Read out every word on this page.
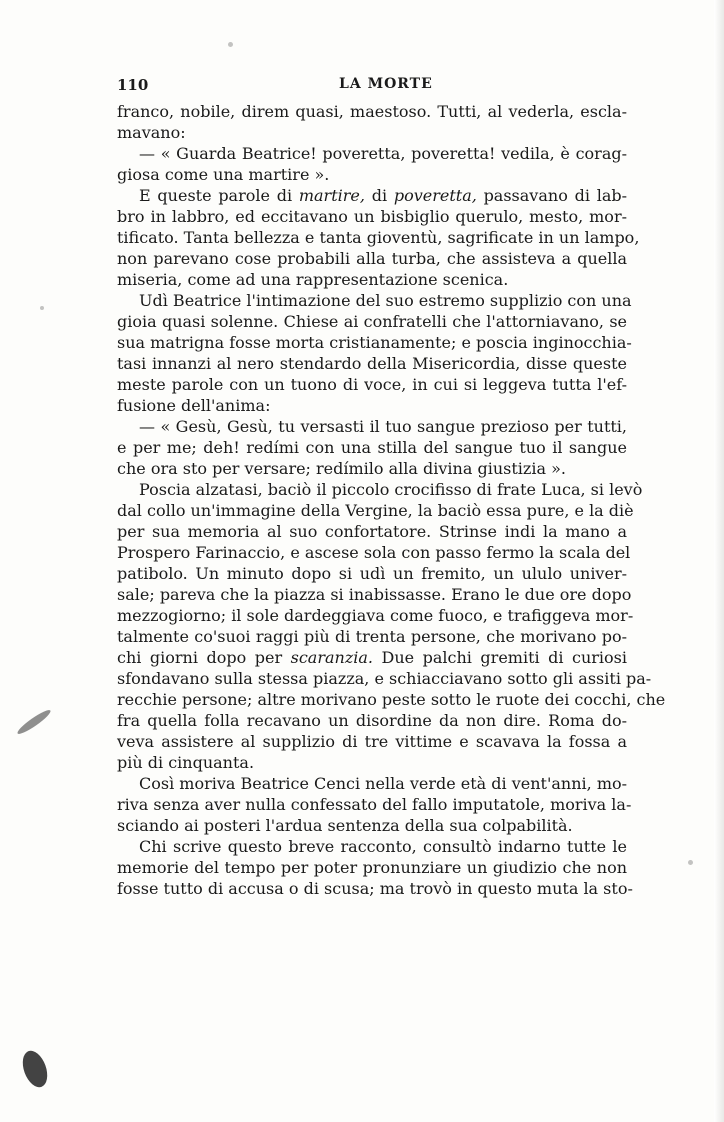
110	LA MORTE
franco, nobile, direm quasi, maestoso. Tutti, al vederla, escla-
mavano:
— « Guarda Beatrice! poveretta, poveretta! vedila, è corag-
giosa come una martire ».
E queste parole di martire, di poveretta, passavano di lab-
bro in labbro, ed eccitavano un bisbiglio querulo, mesto, mor-
tificato. Tanta bellezza e tanta gioventù, sagrificate in un lampo,
non parevano cose probabili alla turba, che assisteva a quella
miseria, come ad una rappresentazione scenica.
Udì Beatrice l'intimazione del suo estremo supplizio con una
gioia quasi solenne. Chiese ai confratelli che l'attorniavano, se
sua matrigna fosse morta cristianamente; e poscia inginocchia-
tasi innanzi al nero stendardo della Misericordia, disse queste
meste parole con un tuono di voce, in cui si leggeva tutta l'ef-
fusione dell'anima:
— « Gesù, Gesù, tu versasti il tuo sangue prezioso per tutti,
e per me; deh! redími con una stilla del sangue tuo il sangue
che ora sto per versare; redímilo alla divina giustizia ».
Poscia alzatasi, baciò il piccolo crocifisso di frate Luca, si levò
dal collo un'immagine della Vergine, la baciò essa pure, e la diè
per sua memoria al suo confortatore. Strinse indi la mano a
Prospero Farinaccio, e ascese sola con passo fermo la scala del
patibolo. Un minuto dopo si udì un fremito, un ululo univer-
sale; pareva che la piazza si inabissasse. Erano le due ore dopo
mezzogiorno; il sole dardeggiava come fuoco, e trafiggeva mor-
talmente co'suoi raggi più di trenta persone, che morivano po-
chi giorni dopo per scaranzia. Due palchi gremiti di curiosi
sfondavano sulla stessa piazza, e schiacciavano sotto gli assiti pa-
recchie persone; altre morivano peste sotto le ruote dei cocchi, che
fra quella folla recavano un disordine da non dire. Roma do-
veva assistere al supplizio di tre vittime e scavava la fossa a
più di cinquanta.
Così moriva Beatrice Cenci nella verde età di vent'anni, mo-
riva senza aver nulla confessato del fallo imputatole, moriva la-
sciando ai posteri l'ardua sentenza della sua colpabilità.
Chi scrive questo breve racconto, consultò indarno tutte le
memorie del tempo per poter pronunziare un giudizio che non
fosse tutto di accusa o di scusa; ma trovò in questo muta la sto-
